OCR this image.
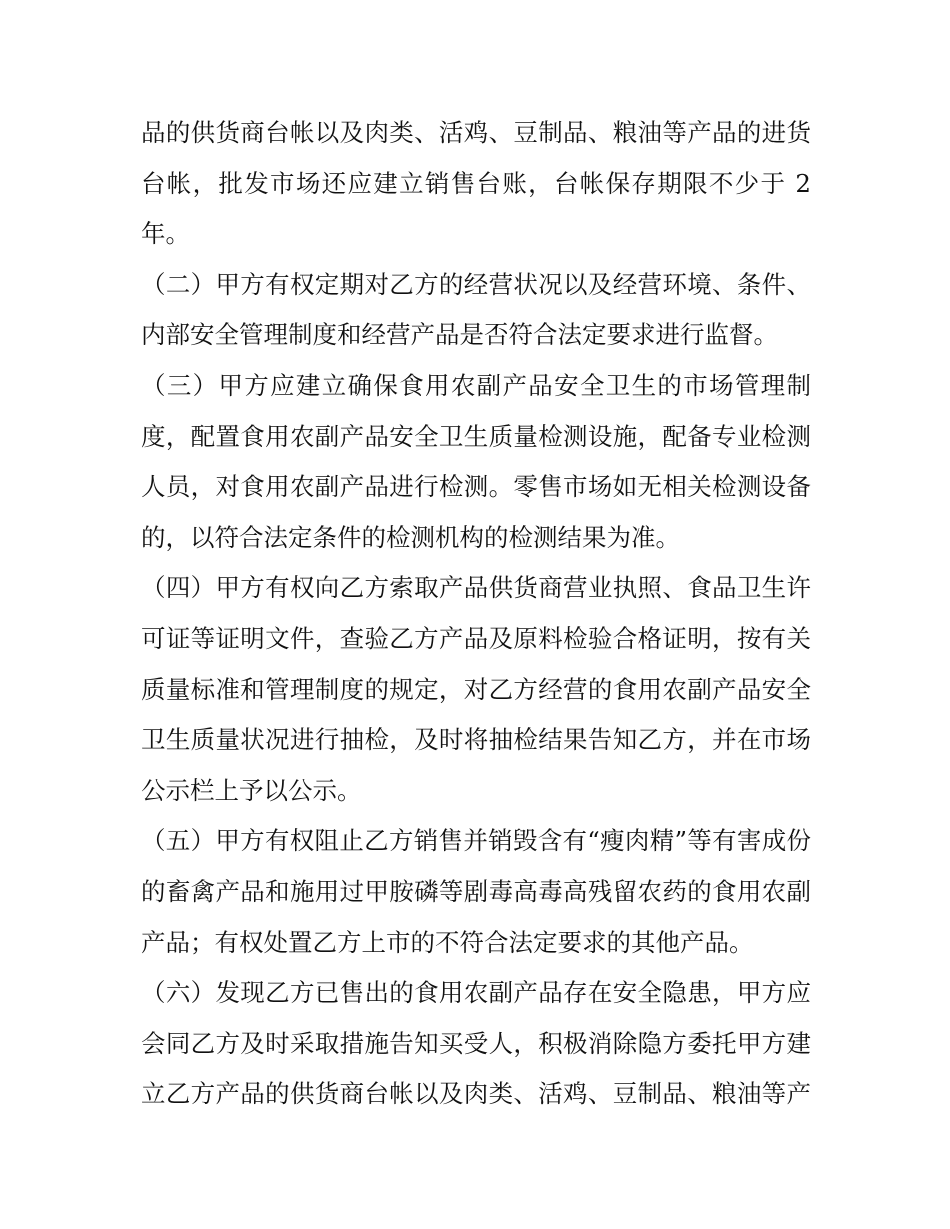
品的供货商台帐以及肉类、活鸡、豆制品、粮油等产品的进货
台帐，批发市场还应建立销售台账，台帐保存期限不少于 2
年。
（二）甲方有权定期对乙方的经营状况以及经营环境、条件、
内部安全管理制度和经营产品是否符合法定要求进行监督。
（三）甲方应建立确保食用农副产品安全卫生的市场管理制
度，配置食用农副产品安全卫生质量检测设施，配备专业检测
人员，对食用农副产品进行检测。零售市场如无相关检测设备
的，以符合法定条件的检测机构的检测结果为准。
（四）甲方有权向乙方索取产品供货商营业执照、食品卫生许
可证等证明文件，查验乙方产品及原料检验合格证明，按有关
质量标准和管理制度的规定，对乙方经营的食用农副产品安全
卫生质量状况进行抽检，及时将抽检结果告知乙方，并在市场
公示栏上予以公示。
（五）甲方有权阻止乙方销售并销毁含有“瘦肉精”等有害成份
的畜禽产品和施用过甲胺磷等剧毒高毒高残留农药的食用农副
产品；有权处置乙方上市的不符合法定要求的其他产品。
（六）发现乙方已售出的食用农副产品存在安全隐患，甲方应
会同乙方及时采取措施告知买受人，积极消除隐方委托甲方建
立乙方产品的供货商台帐以及肉类、活鸡、豆制品、粮油等产
